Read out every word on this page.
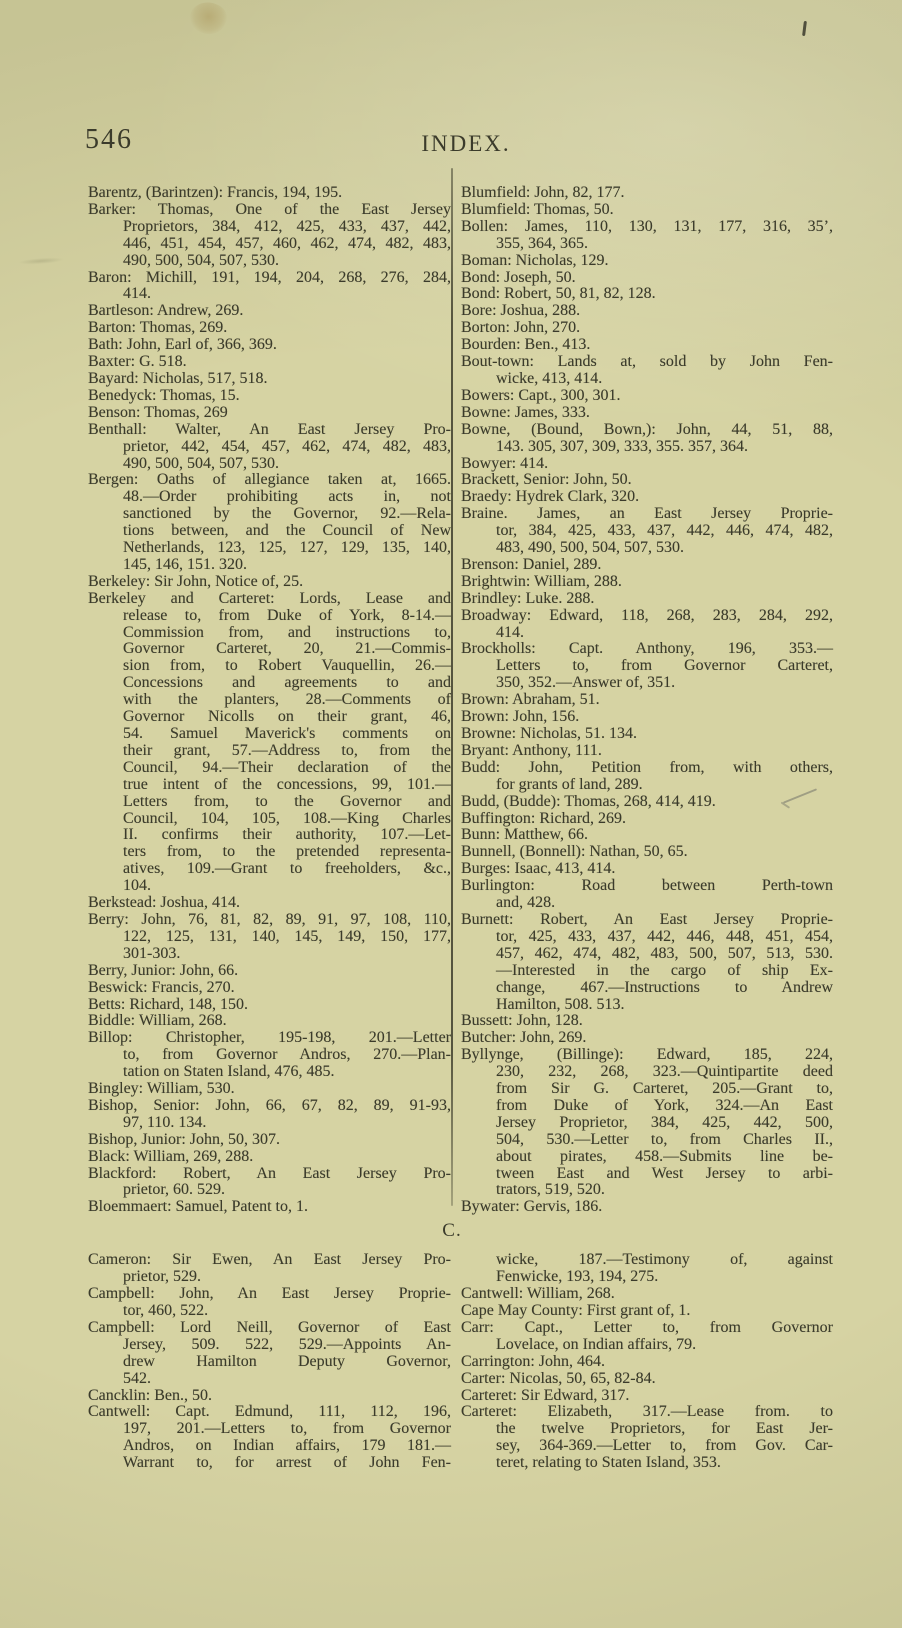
546	INDEX.
Barentz, (Barintzen): Francis, 194, 195.
Barker: Thomas, One of the East Jersey
Proprietors, 384, 412, 425, 433, 437, 442,
446, 451, 454, 457, 460, 462, 474, 482, 483,
490, 500, 504, 507, 530.
Baron: Michill, 191, 194, 204, 268, 276, 284,
414.
Bartleson: Andrew, 269.
Barton: Thomas, 269.
Bath: John, Earl of, 366, 369.
Baxter: G. 518.
Bayard: Nicholas, 517, 518.
Benedyck: Thomas, 15.
Benson: Thomas, 269
Benthall: Walter, An East Jersey Pro-
prietor, 442, 454, 457, 462, 474, 482, 483,
490, 500, 504, 507, 530.
Bergen: Oaths of allegiance taken at, 1665.
48.—Order prohibiting acts in, not
sanctioned by the Governor, 92.—Rela-
tions between, and the Council of New
Netherlands, 123, 125, 127, 129, 135, 140,
145, 146, 151. 320.
Berkeley: Sir John, Notice of, 25.
Berkeley and Carteret: Lords, Lease and
release to, from Duke of York, 8-14.—
Commission from, and instructions to,
Governor Carteret, 20, 21.—Commis-
sion from, to Robert Vauquellin, 26.—
Concessions and agreements to and
with the planters, 28.—Comments of
Governor Nicolls on their grant, 46,
54. Samuel Maverick's comments on
their grant, 57.—Address to, from the
Council, 94.—Their declaration of the
true intent of the concessions, 99, 101.—
Letters from, to the Governor and
Council, 104, 105, 108.—King Charles
II. confirms their authority, 107.—Let-
ters from, to the pretended representa-
atives, 109.—Grant to freeholders, &c.,
104.
Berkstead: Joshua, 414.
Berry: John, 76, 81, 82, 89, 91, 97, 108, 110,
122, 125, 131, 140, 145, 149, 150, 177,
301-303.
Berry, Junior: John, 66.
Beswick: Francis, 270.
Betts: Richard, 148, 150.
Biddle: William, 268.
Billop: Christopher, 195-198, 201.—Letter
to, from Governor Andros, 270.—Plan-
tation on Staten Island, 476, 485.
Bingley: William, 530.
Bishop, Senior: John, 66, 67, 82, 89, 91-93,
97, 110. 134.
Bishop, Junior: John, 50, 307.
Black: William, 269, 288.
Blackford: Robert, An East Jersey Pro-
prietor, 60. 529.
Bloemmaert: Samuel, Patent to, 1.
Cameron: Sir Ewen, An East Jersey Pro-
prietor, 529.
Campbell: John, An East Jersey Proprie-
tor, 460, 522.
Campbell: Lord Neill, Governor of East
Jersey, 509. 522, 529.—Appoints An-
drew Hamilton Deputy Governor,
542.
Cancklin: Ben., 50.
Cantwell: Capt. Edmund, 111, 112, 196,
197, 201.—Letters to, from Governor
Andros, on Indian affairs, 179 181.—
Warrant to, for arrest of John Fen-
Blumfield: John, 82, 177.
Blumfield: Thomas, 50.
Bollen: James, 110, 130, 131, 177, 316, 35’,
355, 364, 365.
Boman: Nicholas, 129.
Bond: Joseph, 50.
Bond: Robert, 50, 81, 82, 128.
Bore: Joshua, 288.
Borton: John, 270.
Bourden: Ben., 413.
Bout-town: Lands at, sold by John Fen-
wicke, 413, 414.
Bowers: Capt., 300, 301.
Bowne: James, 333.
Bowne, (Bound, Bown,): John, 44, 51, 88,
143. 305, 307, 309, 333, 355. 357, 364.
Bowyer: 414.
Brackett, Senior: John, 50.
Braedy: Hydrek Clark, 320.
Braine. James, an East Jersey Proprie-
tor, 384, 425, 433, 437, 442, 446, 474, 482,
483, 490, 500, 504, 507, 530.
Brenson: Daniel, 289.
Brightwin: William, 288.
Brindley: Luke. 288.
Broadway: Edward, 118, 268, 283, 284, 292,
414.
Brockholls: Capt. Anthony, 196, 353.—
Letters to, from Governor Carteret,
350, 352.—Answer of, 351.
Brown: Abraham, 51.
Brown: John, 156.
Browne: Nicholas, 51. 134.
Bryant: Anthony, 111.
Budd: John, Petition from, with others,
for grants of land, 289.
Budd, (Budde): Thomas, 268, 414, 419.
Buffington: Richard, 269.
Bunn: Matthew, 66.
Bunnell, (Bonnell): Nathan, 50, 65.
Burges: Isaac, 413, 414.
Burlington: Road between Perth-town
and, 428.
Burnett: Robert, An East Jersey Proprie-
tor, 425, 433, 437, 442, 446, 448, 451, 454,
457, 462, 474, 482, 483, 500, 507, 513, 530.
—Interested in the cargo of ship Ex-
change, 467.—Instructions to Andrew
Hamilton, 508. 513.
Bussett: John, 128.
Butcher: John, 269.
Byllynge, (Billinge): Edward, 185, 224,
230, 232, 268, 323.—Quintipartite deed
from Sir G. Carteret, 205.—Grant to,
from Duke of York, 324.—An East
Jersey Proprietor, 384, 425, 442, 500,
504, 530.—Letter to, from Charles II.,
about pirates, 458.—Submits line be-
tween East and West Jersey to arbi-
trators, 519, 520.
Bywater: Gervis, 186.
wicke, 187.—Testimony of, against
Fenwicke, 193, 194, 275.
Cantwell: William, 268.
Cape May County: First grant of, 1.
Carr: Capt., Letter to, from Governor
Lovelace, on Indian affairs, 79.
Carrington: John, 464.
Carter: Nicolas, 50, 65, 82-84.
Carteret: Sir Edward, 317.
Carteret: Elizabeth, 317.—Lease from. to
the twelve Proprietors, for East Jer-
sey, 364-369.—Letter to, from Gov. Car-
teret, relating to Staten Island, 353.
C.
